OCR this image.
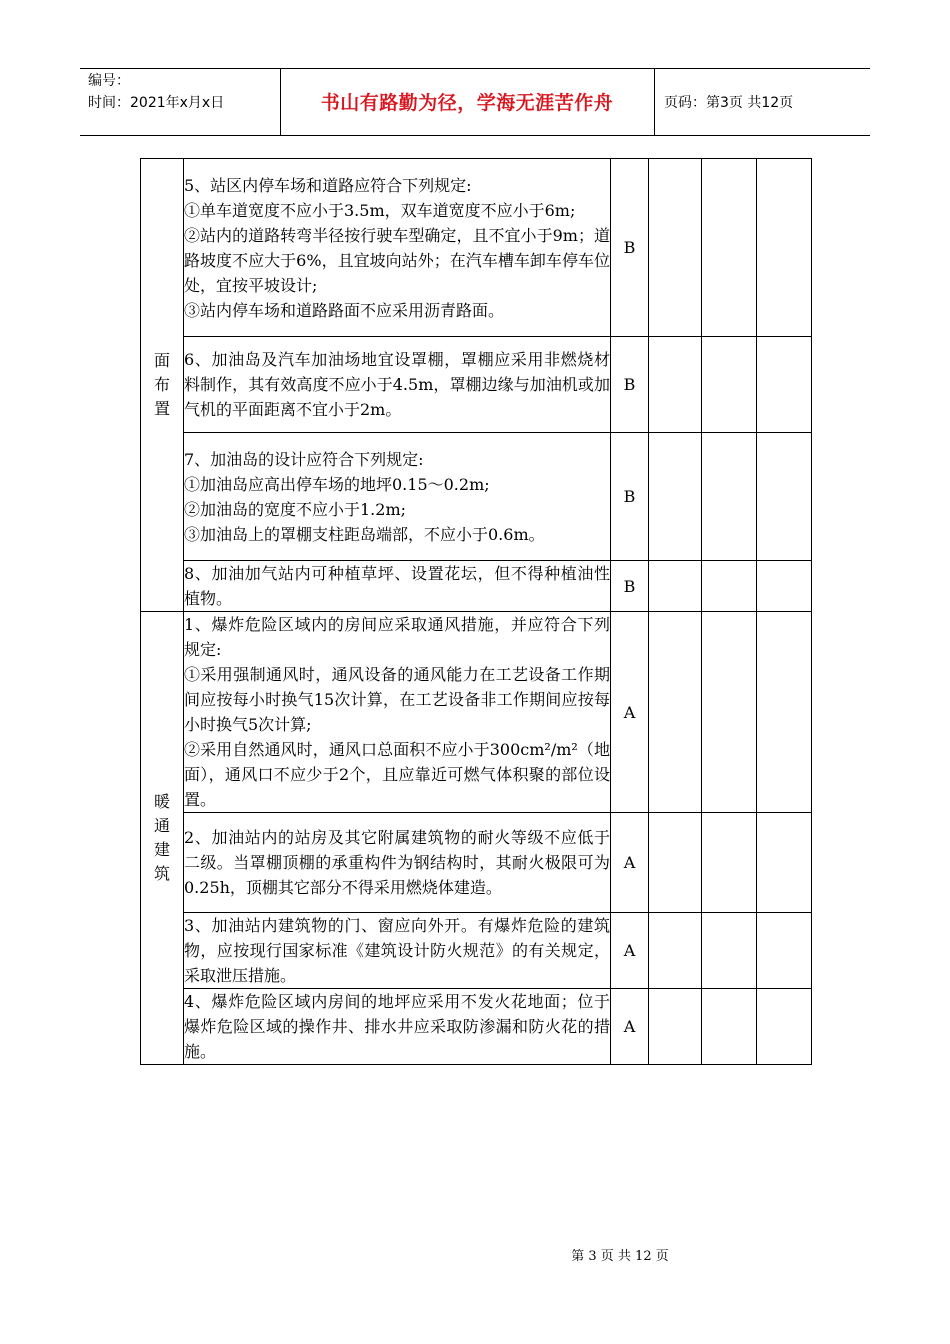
编号：
时间：2021年x月x日	书山有路勤为径，学海无涯苦作舟	页码：第3页 共12页
面布置	5、站区内停车场和道路应符合下列规定:
①单车道宽度不应小于3.5m，双车道宽度不应小于6m;
②站内的道路转弯半径按行驶车型确定，且不宜小于9m；道路坡度不应大于6%，且宜坡向站外；在汽车槽车卸车停车位处，宜按平坡设计;
③站内停车场和道路路面不应采用沥青路面。	B			

	6、加油岛及汽车加油场地宜设罩棚，罩棚应采用非燃烧材料制作，其有效高度不应小于4.5m，罩棚边缘与加油机或加气机的平面距离不宜小于2m。	B			

	7、加油岛的设计应符合下列规定:
①加油岛应高出停车场的地坪0.15～0.2m;
②加油岛的宽度不应小于1.2m;
③加油岛上的罩棚支柱距岛端部，不应小于0.6m。	B			

	8、加油加气站内可种植草坪、设置花坛，但不得种植油性植物。	B			
暖通建筑	1、爆炸危险区域内的房间应采取通风措施，并应符合下列规定:
①采用强制通风时，通风设备的通风能力在工艺设备工作期间应按每小时换气15次计算，在工艺设备非工作期间应按每小时换气5次计算;
②采用自然通风时，通风口总面积不应小于300cm²/m²（地面），通风口不应少于2个，且应靠近可燃气体积聚的部位设置。	A			

	2、加油站内的站房及其它附属建筑物的耐火等级不应低于二级。当罩棚顶棚的承重构件为钢结构时，其耐火极限可为0.25h，顶棚其它部分不得采用燃烧体建造。	A			

	3、加油站内建筑物的门、窗应向外开。有爆炸危险的建筑物，应按现行国家标准《建筑设计防火规范》的有关规定，采取泄压措施。	A			

	4、爆炸危险区域内房间的地坪应采用不发火花地面；位于爆炸危险区域的操作井、排水井应采取防渗漏和防火花的措施。	A			
第 3 页 共 12 页
